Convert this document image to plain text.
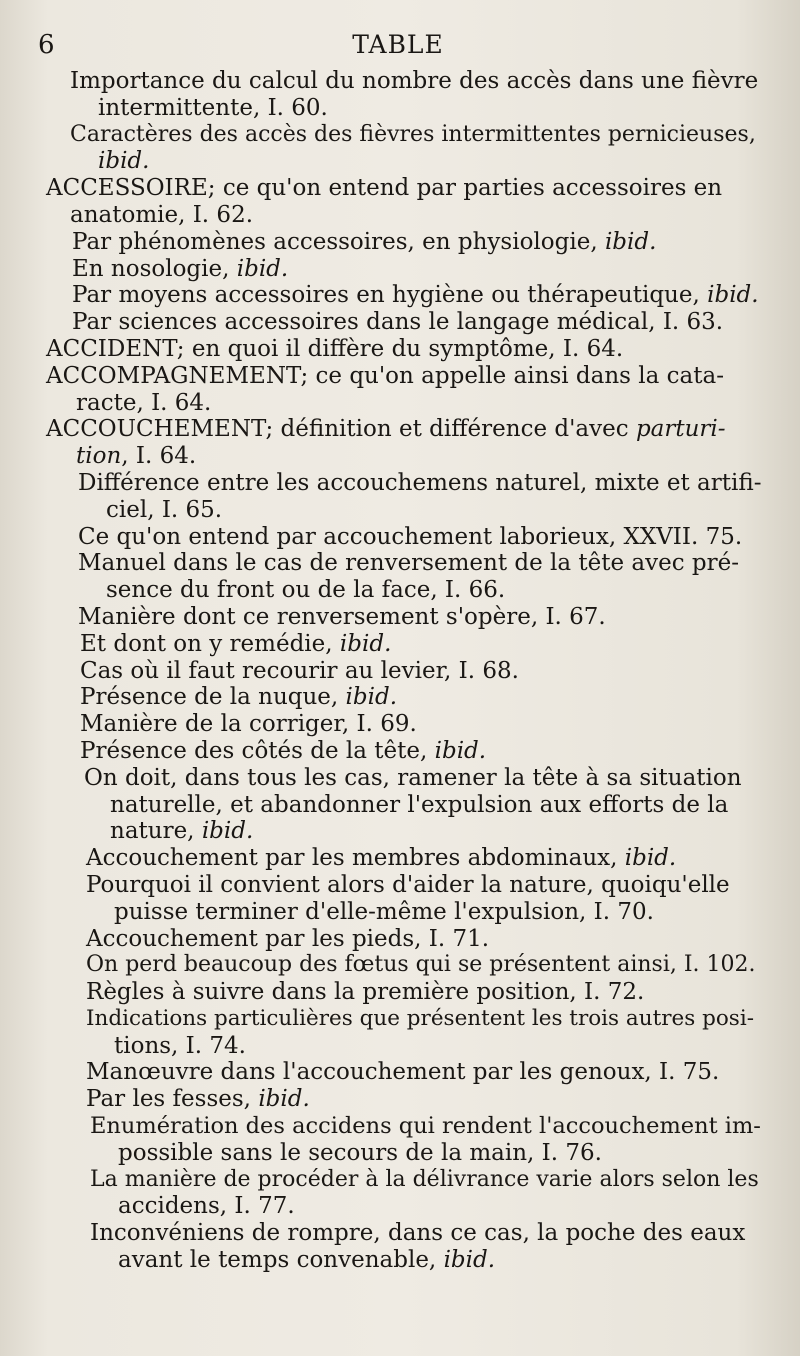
6	TABLE
Importance du calcul du nombre des accès dans une fièvre
intermittente, I. 60.
Caractères des accès des fièvres intermittentes pernicieuses,
ibid.
ACCESSOIRE; ce qu'on entend par parties accessoires en
anatomie, I. 62.
Par phénomènes accessoires, en physiologie, ibid.
En nosologie, ibid.
Par moyens accessoires en hygiène ou thérapeutique, ibid.
Par sciences accessoires dans le langage médical, I. 63.
ACCIDENT; en quoi il diffère du symptôme, I. 64.
ACCOMPAGNEMENT; ce qu'on appelle ainsi dans la cata-
racte, I. 64.
ACCOUCHEMENT; définition et différence d'avec parturi-
tion, I. 64.
Différence entre les accouchemens naturel, mixte et artifi-
ciel, I. 65.
Ce qu'on entend par accouchement laborieux, XXVII. 75.
Manuel dans le cas de renversement de la tête avec pré-
sence du front ou de la face, I. 66.
Manière dont ce renversement s'opère, I. 67.
Et dont on y remédie, ibid.
Cas où il faut recourir au levier, I. 68.
Présence de la nuque, ibid.
Manière de la corriger, I. 69.
Présence des côtés de la tête, ibid.
On doit, dans tous les cas, ramener la tête à sa situation
naturelle, et abandonner l'expulsion aux efforts de la
nature, ibid.
Accouchement par les membres abdominaux, ibid.
Pourquoi il convient alors d'aider la nature, quoiqu'elle
puisse terminer d'elle-même l'expulsion, I. 70.
Accouchement par les pieds, I. 71.
On perd beaucoup des fœtus qui se présentent ainsi, I. 102.
Règles à suivre dans la première position, I. 72.
Indications particulières que présentent les trois autres posi-
tions, I. 74.
Manœuvre dans l'accouchement par les genoux, I. 75.
Par les fesses, ibid.
Enumération des accidens qui rendent l'accouchement im-
possible sans le secours de la main, I. 76.
La manière de procéder à la délivrance varie alors selon les
accidens, I. 77.
Inconvéniens de rompre, dans ce cas, la poche des eaux
avant le temps convenable, ibid.
